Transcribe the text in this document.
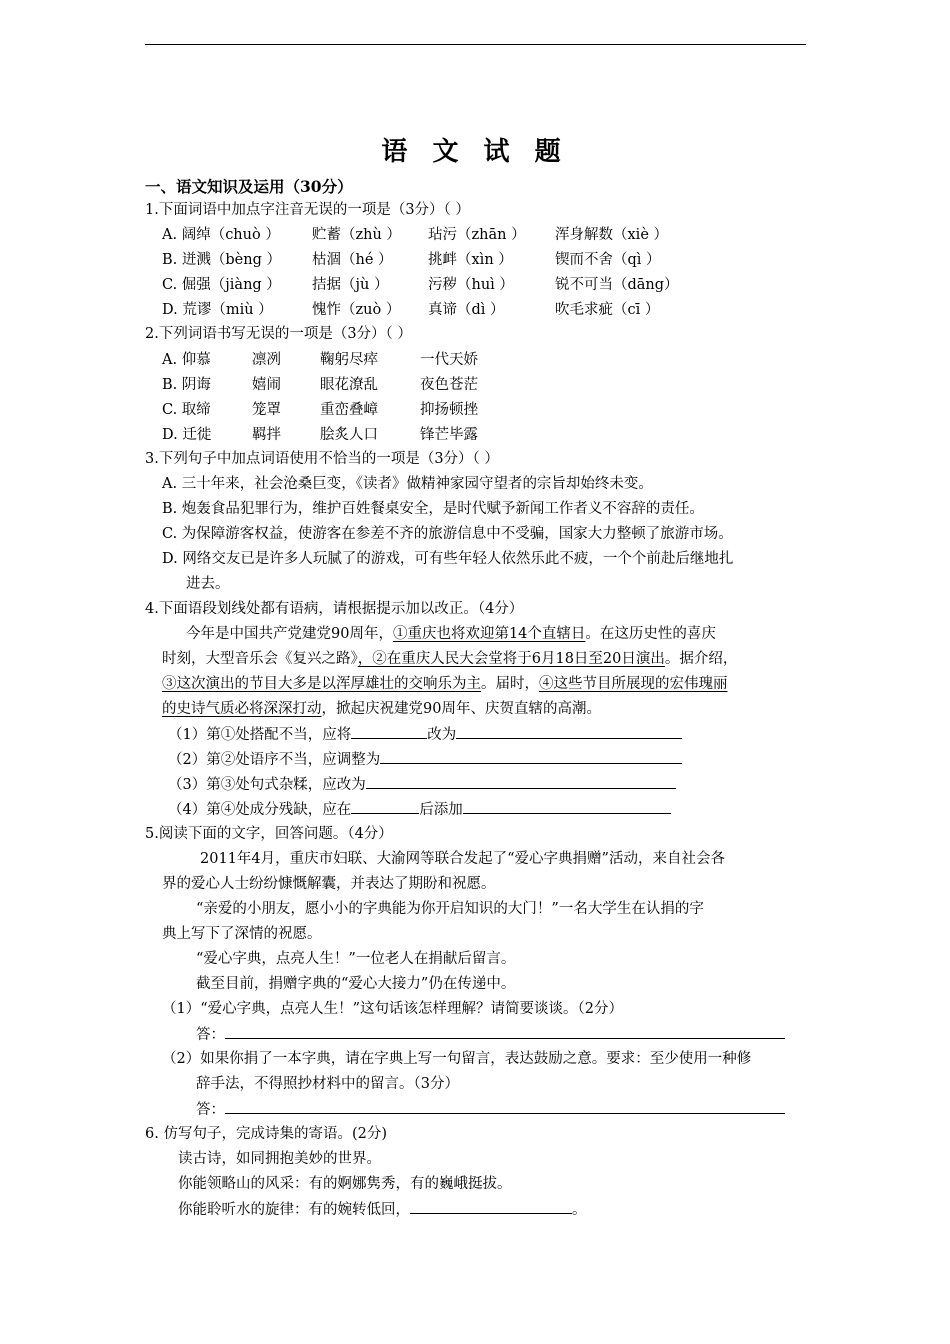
语 文 试 题
一、语文知识及运用（30分）
1.下面词语中加点字注音无误的一项是（3分）（ ）
A. 阔绰（chuò ） 贮蓄（zhù ） 玷污（zhān ） 浑身解数（xiè ）
B. 迸溅（bèng ） 枯涸（hé ） 挑衅（xìn ）	锲而不舍（qì ）
C. 倔强（jiàng ） 拮据（jù ）	污秽（huì ）	锐不可当（dāng）
D. 荒谬（miù ）	愧怍（zuò ） 真谛（dì ）	吹毛求疵（cī ）
2.下列词语书写无误的一项是（3分）（ ）
A. 仰慕	凛冽	鞠躬尽瘁	一代天娇
B. 阴诲	嬉闹	眼花潦乱	夜色苍茫
C. 取缔	笼罩	重峦叠嶂	抑扬顿挫
D. 迁徙	羁拌	脍炙人口	锋芒毕露
3.下列句子中加点词语使用不恰当的一项是（3分）（ ）
A. 三十年来，社会沧桑巨变，《读者》做精神家园守望者的宗旨却始终未变。
B. 炮轰食品犯罪行为，维护百姓餐桌安全，是时代赋予新闻工作者义不容辞的责任。
C. 为保障游客权益，使游客在参差不齐的旅游信息中不受骗，国家大力整顿了旅游市场。
D. 网络交友已是许多人玩腻了的游戏，可有些年轻人依然乐此不疲，一个个前赴后继地扎
进去。
4.下面语段划线处都有语病，请根据提示加以改正。（4分）
今年是中国共产党建党90周年，①重庆也将欢迎第14个直辖日。在这历史性的喜庆
时刻，大型音乐会《复兴之路》，②在重庆人民大会堂将于6月18日至20日演出。据介绍，
③这次演出的节目大多是以浑厚雄壮的交响乐为主。届时，④这些节目所展现的宏伟瑰丽
的史诗气质必将深深打动，掀起庆祝建党90周年、庆贺直辖的高潮。
（1）第①处搭配不当，应将	改为
（2）第②处语序不当，应调整为
（3）第③处句式杂糅，应改为
（4）第④处成分残缺，应在	后添加
5.阅读下面的文字，回答问题。（4分）
2011年4月，重庆市妇联、大渝网等联合发起了“爱心字典捐赠”活动，来自社会各
界的爱心人士纷纷慷慨解囊，并表达了期盼和祝愿。
“亲爱的小朋友，愿小小的字典能为你开启知识的大门！”一名大学生在认捐的字
典上写下了深情的祝愿。
“爱心字典，点亮人生！”一位老人在捐献后留言。
截至目前，捐赠字典的“爱心大接力”仍在传递中。
（1）“爱心字典，点亮人生！”这句话该怎样理解？请简要谈谈。（2分）
答：
（2）如果你捐了一本字典，请在字典上写一句留言，表达鼓励之意。要求：至少使用一种修
辞手法，不得照抄材料中的留言。（3分）
答：
6. 仿写句子，完成诗集的寄语。(2分)
读古诗，如同拥抱美妙的世界。
你能领略山的风采：有的婀娜隽秀，有的巍峨挺拔。
你能聆听水的旋律：有的婉转低回，	。
